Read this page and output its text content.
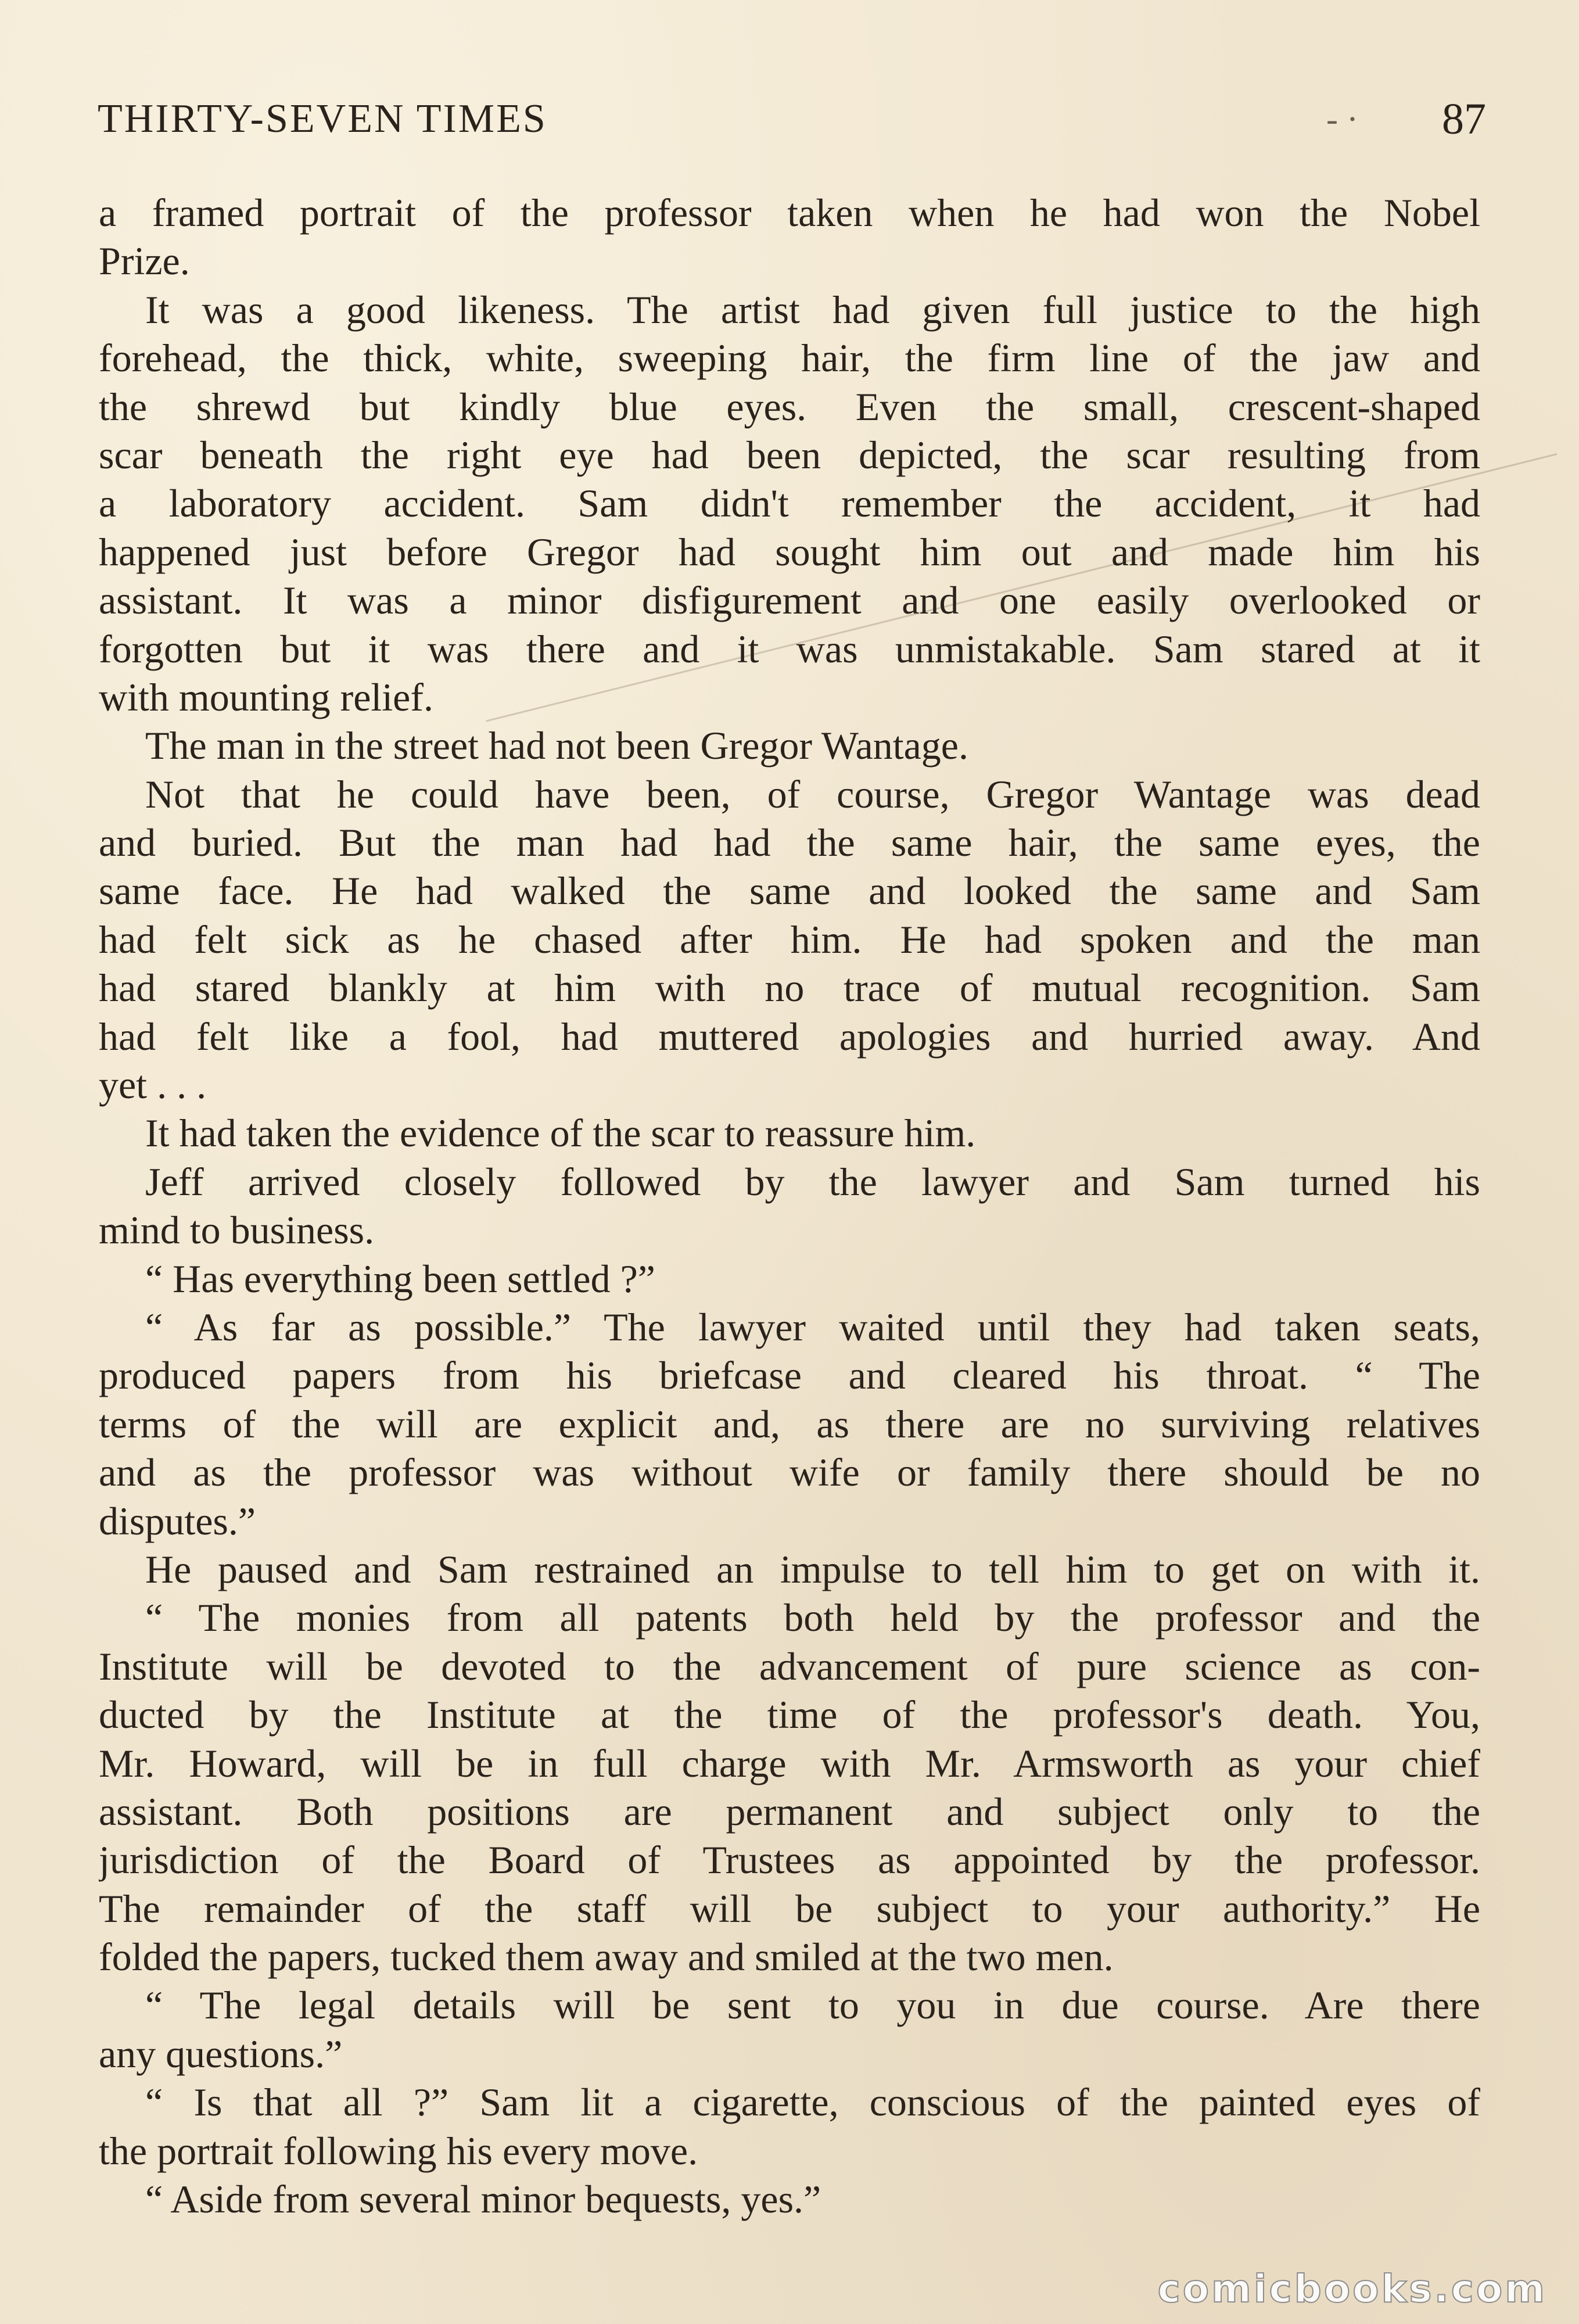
THIRTY-SEVEN TIMES	- · 87
a framed portrait of the professor taken when he had won the Nobel
Prize.
It was a good likeness. The artist had given full justice to the high
forehead, the thick, white, sweeping hair, the firm line of the jaw and
the shrewd but kindly blue eyes. Even the small, crescent-shaped
scar beneath the right eye had been depicted, the scar resulting from
a laboratory accident. Sam didn't remember the accident, it had
happened just before Gregor had sought him out and made him his
assistant. It was a minor disfigurement and one easily overlooked or
forgotten but it was there and it was unmistakable. Sam stared at it
with mounting relief.
The man in the street had not been Gregor Wantage.
Not that he could have been, of course, Gregor Wantage was dead
and buried. But the man had had the same hair, the same eyes, the
same face. He had walked the same and looked the same and Sam
had felt sick as he chased after him. He had spoken and the man
had stared blankly at him with no trace of mutual recognition. Sam
had felt like a fool, had muttered apologies and hurried away. And
yet . . .
It had taken the evidence of the scar to reassure him.
Jeff arrived closely followed by the lawyer and Sam turned his
mind to business.
“ Has everything been settled ?”
“ As far as possible.” The lawyer waited until they had taken seats,
produced papers from his briefcase and cleared his throat. “ The
terms of the will are explicit and, as there are no surviving relatives
and as the professor was without wife or family there should be no
disputes.”
He paused and Sam restrained an impulse to tell him to get on with it.
“ The monies from all patents both held by the professor and the
Institute will be devoted to the advancement of pure science as con-
ducted by the Institute at the time of the professor's death. You,
Mr. Howard, will be in full charge with Mr. Armsworth as your chief
assistant. Both positions are permanent and subject only to the
jurisdiction of the Board of Trustees as appointed by the professor.
The remainder of the staff will be subject to your authority.” He
folded the papers, tucked them away and smiled at the two men.
“ The legal details will be sent to you in due course. Are there
any questions.”
“ Is that all ?” Sam lit a cigarette, conscious of the painted eyes of
the portrait following his every move.
“ Aside from several minor bequests, yes.”
comicbooks.com
